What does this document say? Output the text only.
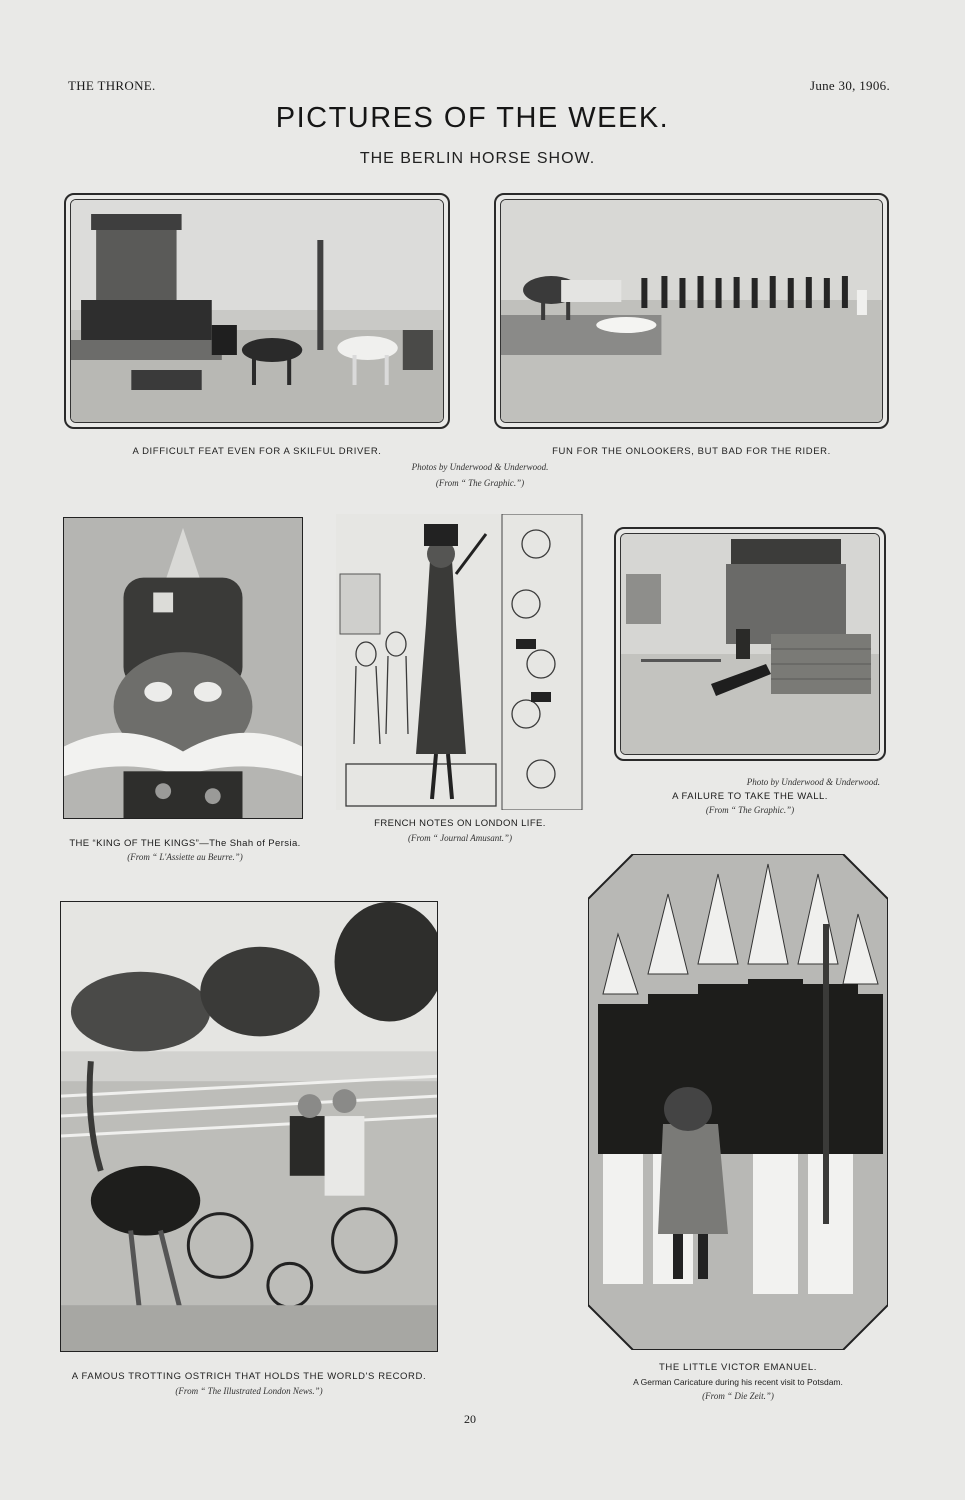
THE THRONE.	June 30, 1906.
PICTURES OF THE WEEK.
THE BERLIN HORSE SHOW.
A DIFFICULT FEAT EVEN FOR A SKILFUL DRIVER.	FUN FOR THE ONLOOKERS, BUT BAD FOR THE RIDER.
Photos by Underwood & Underwood.
(From “ The Graphic.”)
THE “KING OF THE KINGS”—The Shah of Persia.
(From “ L'Assiette au Beurre.”)
FRENCH NOTES ON LONDON LIFE.
(From “ Journal Amusant.”)
Photo by Underwood & Underwood.
A FAILURE TO TAKE THE WALL.
(From “ The Graphic.”)
A FAMOUS TROTTING OSTRICH THAT HOLDS THE WORLD'S RECORD.
(From “ The Illustrated London News.”)
THE LITTLE VICTOR EMANUEL.
A German Caricature during his recent visit to Potsdam.
(From “ Die Zeit.”)
20
